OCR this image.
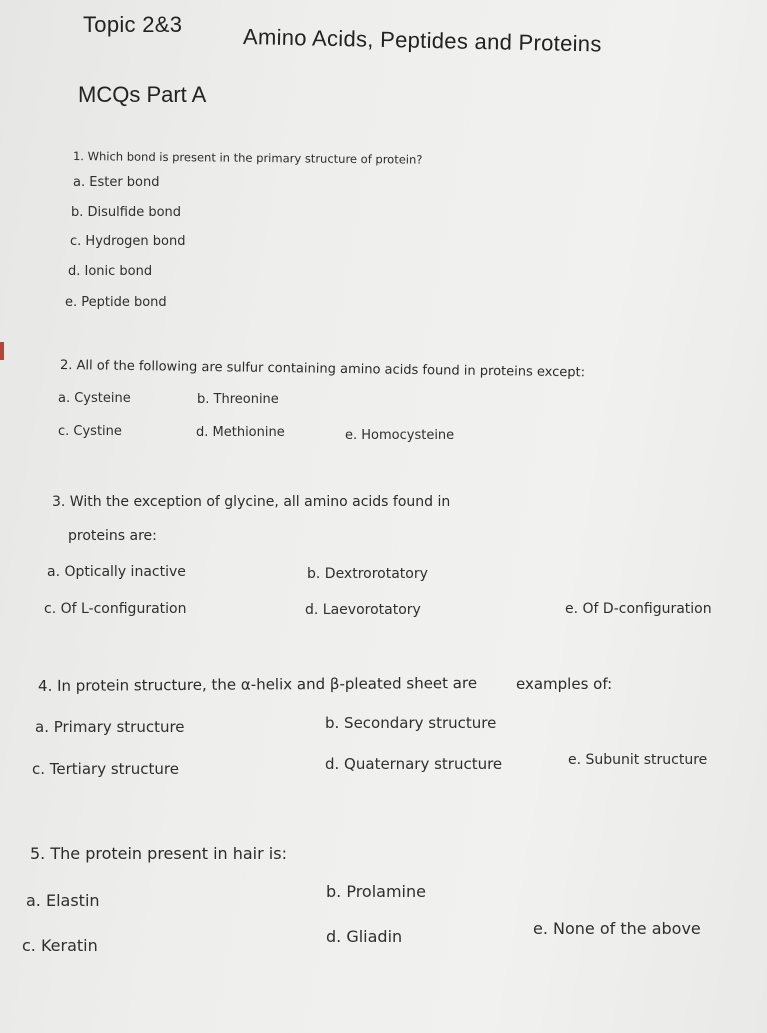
Topic 2&3	Amino Acids, Peptides and Proteins
MCQs Part A
1. Which bond is present in the primary structure of protein?
a. Ester bond
b. Disulfide bond
c. Hydrogen bond
d. Ionic bond
e. Peptide bond
2. All of the following are sulfur containing amino acids found in proteins except:
a. Cysteine	b. Threonine
c. Cystine	d. Methionine	e. Homocysteine
3. With the exception of glycine, all amino acids found in
proteins are:
a. Optically inactive	b. Dextrorotatory
c. Of L-configuration	d. Laevorotatory	e. Of D-configuration
4. In protein structure, the α-helix and β-pleated sheet are	examples of:
a. Primary structure	b. Secondary structure
c. Tertiary structure	d. Quaternary structure	e. Subunit structure
5. The protein present in hair is:
a. Elastin	b. Prolamine
c. Keratin	d. Gliadin	e. None of the above
